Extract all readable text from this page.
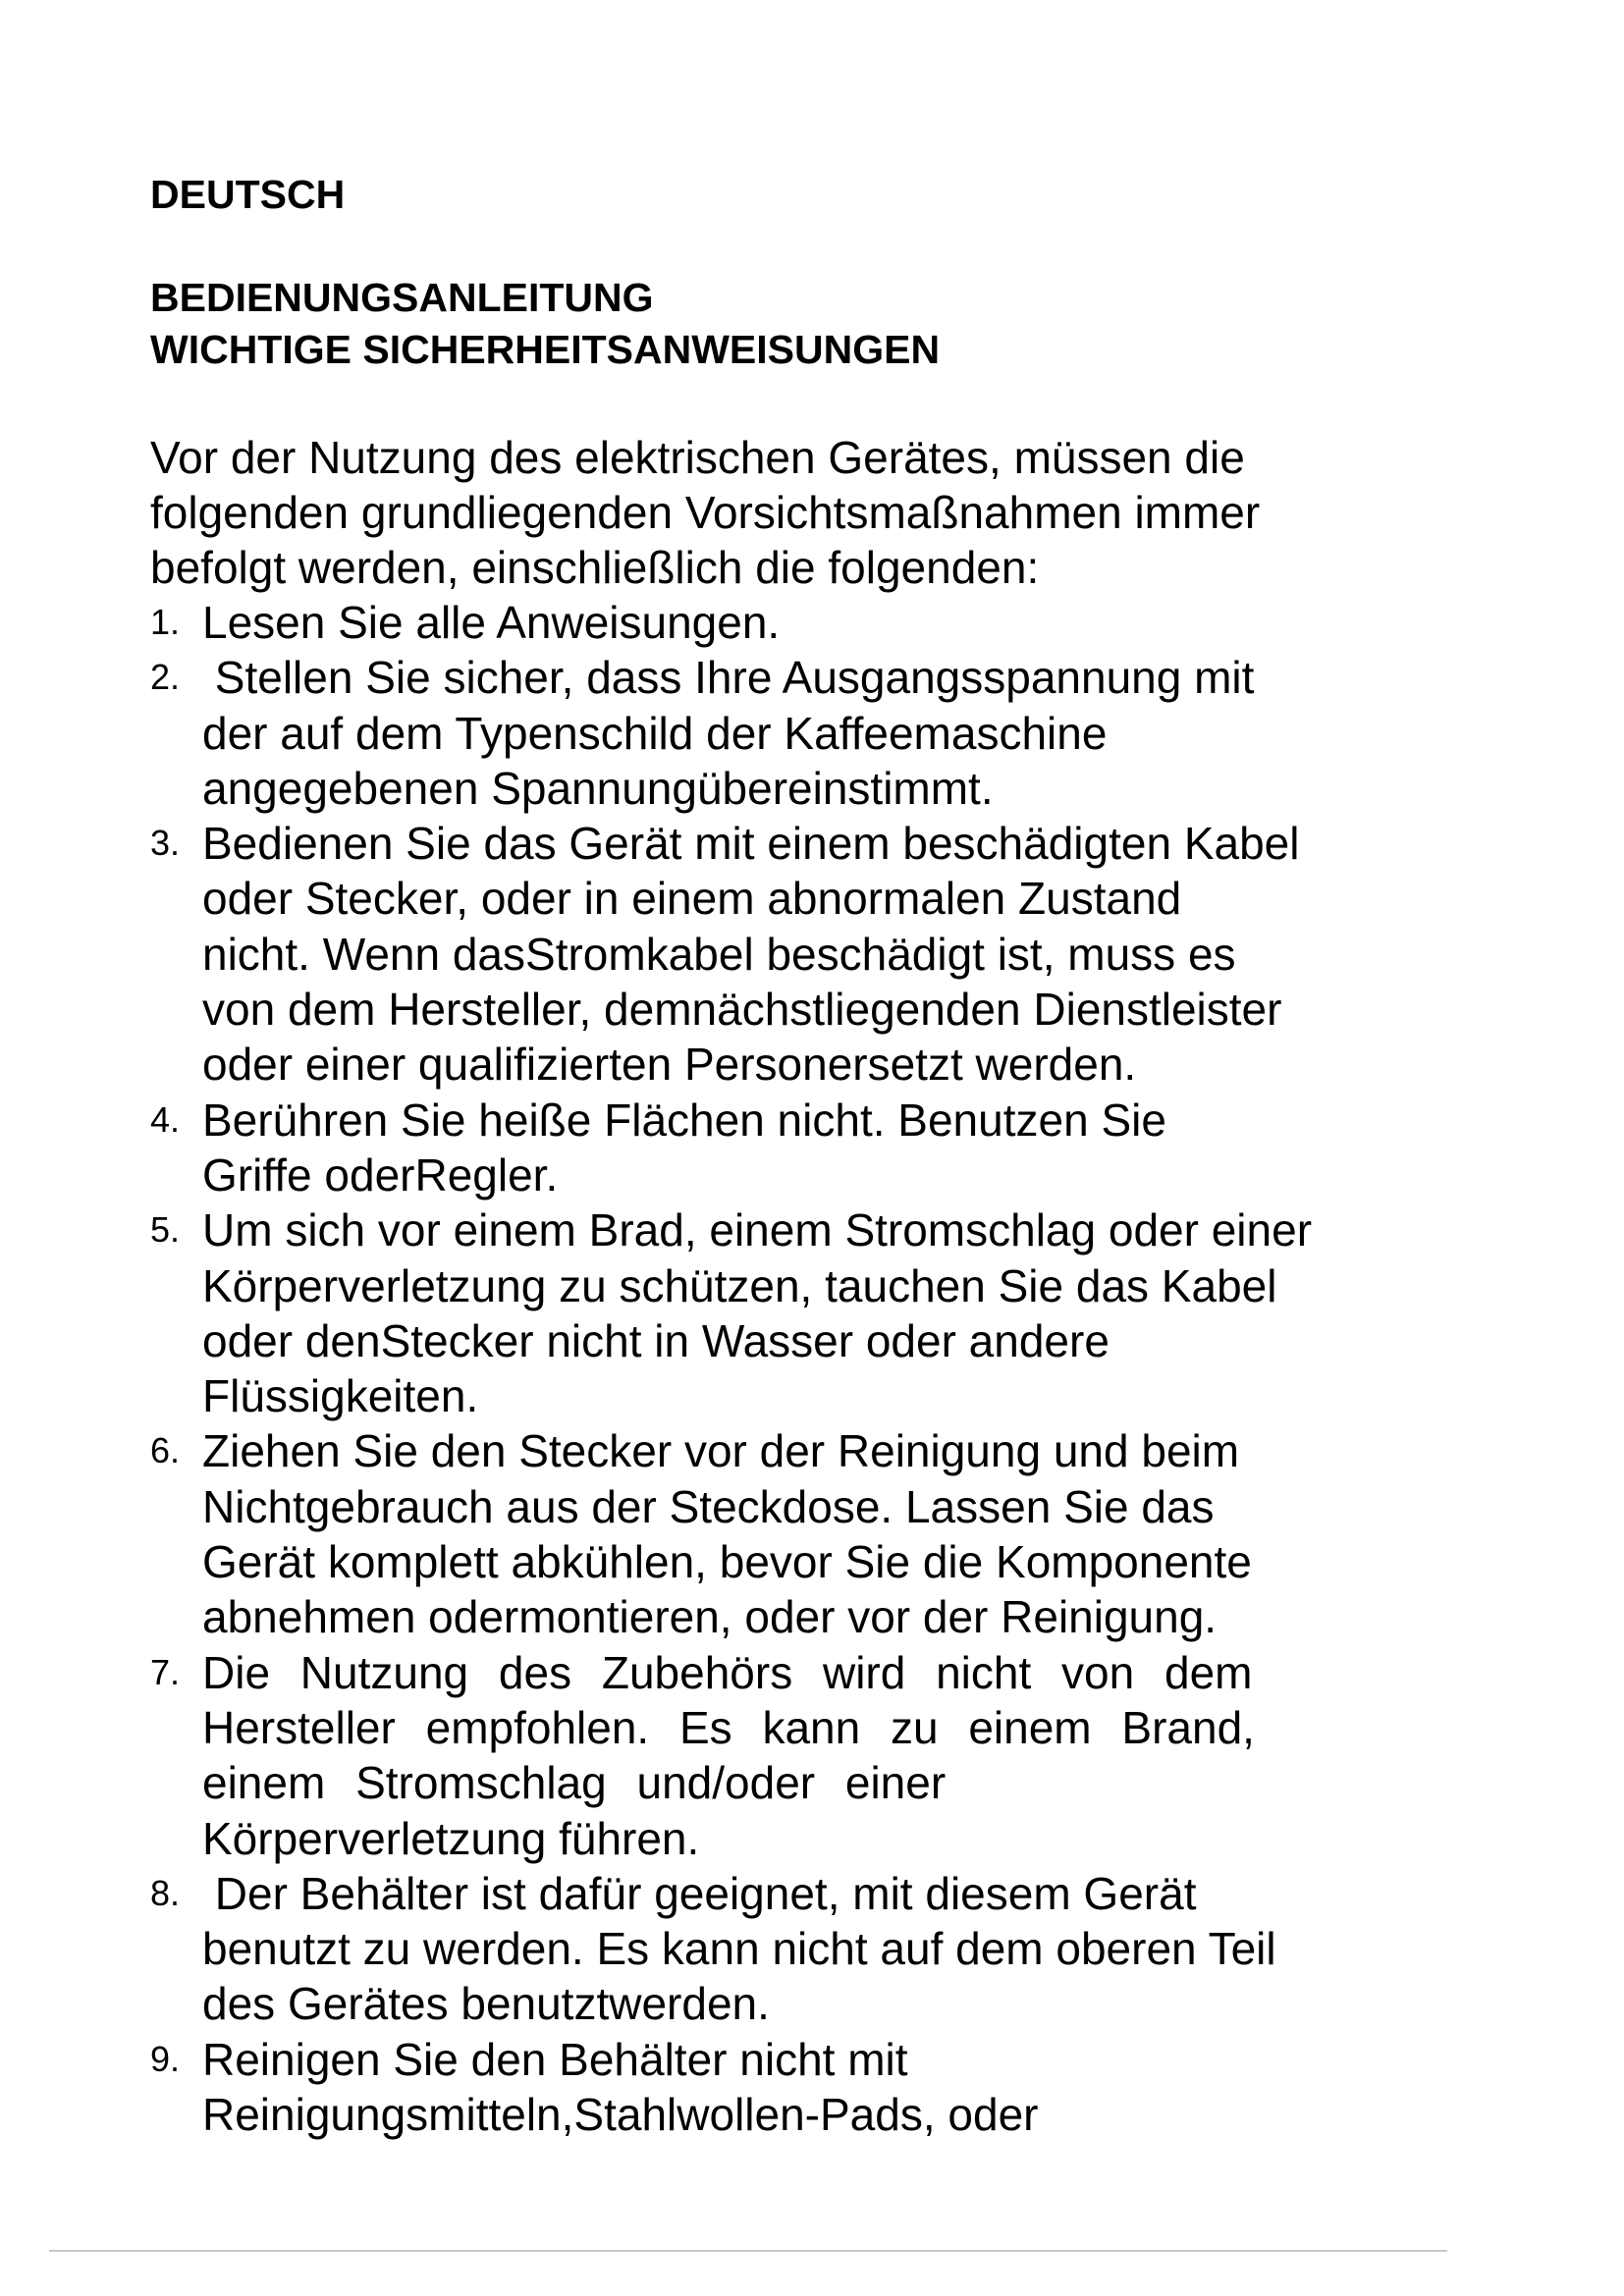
DEUTSCH
BEDIENUNGSANLEITUNG
WICHTIGE SICHERHEITSANWEISUNGEN

Vor der Nutzung des elektrischen Gerätes, müssen die
folgenden grundliegenden Vorsichtsmaßnahmen immer
befolgt werden, einschließlich die folgenden:

1. Lesen Sie alle Anweisungen.
2. Stellen Sie sicher, dass Ihre Ausgangsspannung mit
der auf dem Typenschild der Kaffeemaschine
angegebenen Spannungübereinstimmt.
3. Bedienen Sie das Gerät mit einem beschädigten Kabel
oder Stecker, oder in einem abnormalen Zustand
nicht. Wenn dasStromkabel beschädigt ist, muss es
von dem Hersteller, demnächstliegenden Dienstleister
oder einer qualifizierten Personersetzt werden.
4. Berühren Sie heiße Flächen nicht. Benutzen Sie
Griffe oderRegler.
5. Um sich vor einem Brad, einem Stromschlag oder einer
Körperverletzung zu schützen, tauchen Sie das Kabel
oder denStecker nicht in Wasser oder andere
Flüssigkeiten.
6. Ziehen Sie den Stecker vor der Reinigung und beim
Nichtgebrauch aus der Steckdose. Lassen Sie das
Gerät komplett abkühlen, bevor Sie die Komponente
abnehmen odermontieren, oder vor der Reinigung.
7. Die Nutzung des Zubehörs wird nicht von dem
Hersteller empfohlen. Es kann zu einem Brand,
einem Stromschlag und/oder einer
Körperverletzung führen.
8. Der Behälter ist dafür geeignet, mit diesem Gerät
benutzt zu werden. Es kann nicht auf dem oberen Teil
des Gerätes benutztwerden.
9. Reinigen Sie den Behälter nicht mit
Reinigungsmitteln,Stahlwollen-Pads, oder
